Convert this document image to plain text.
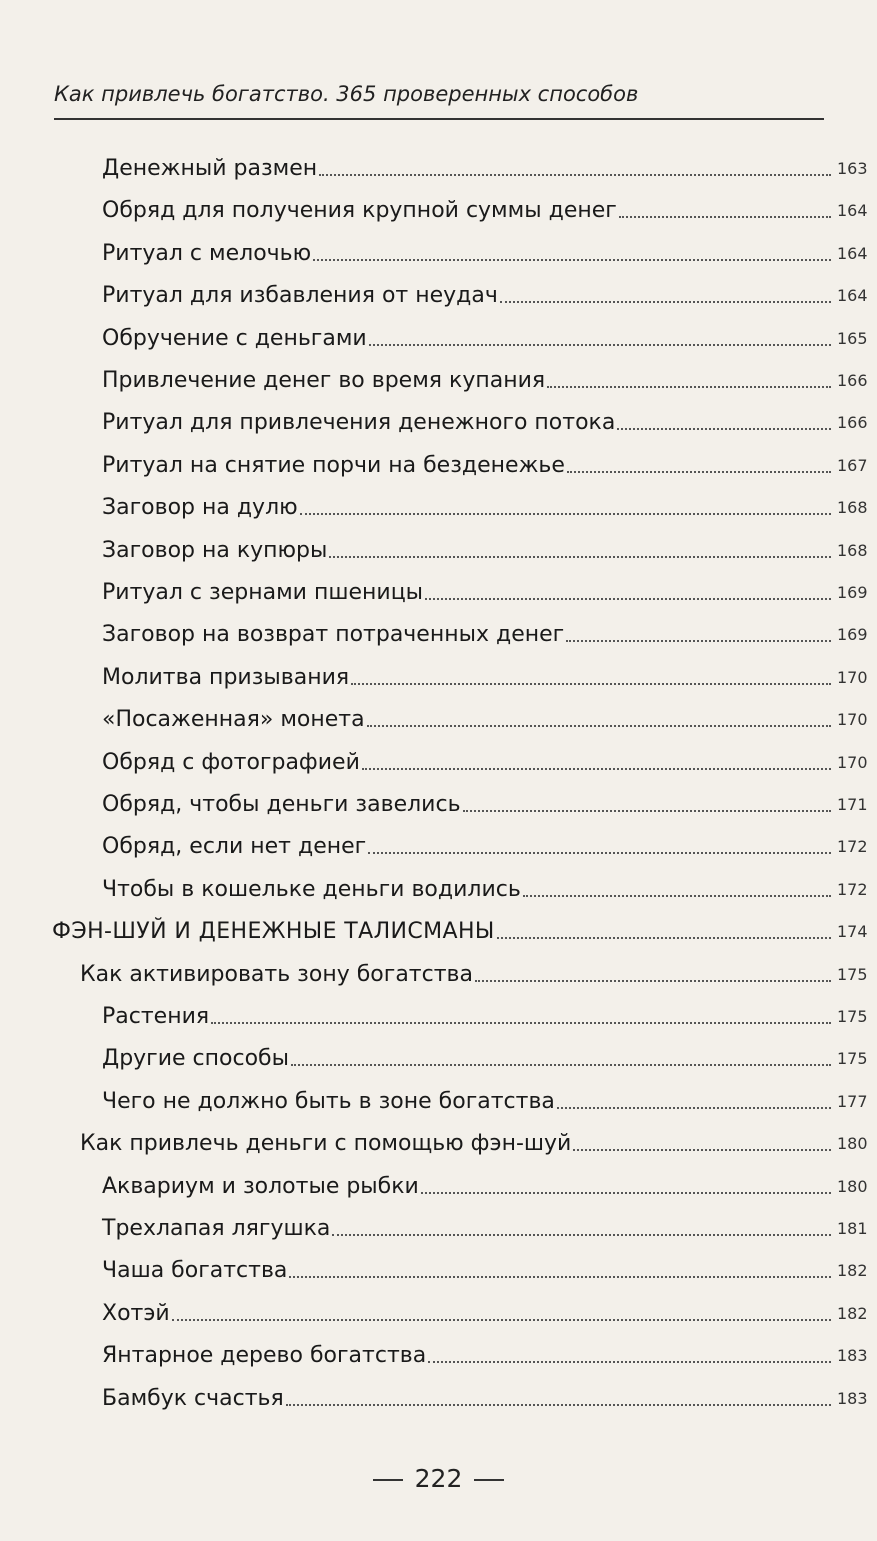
Как привлечь богатство. 365 проверенных способов
Денежный размен	163
Обряд для получения крупной суммы денег	164
Ритуал с мелочью	164
Ритуал для избавления от неудач	164
Обручение с деньгами	165
Привлечение денег во время купания	166
Ритуал для привлечения денежного потока	166
Ритуал на снятие порчи на безденежье	167
Заговор на дулю	168
Заговор на купюры	168
Ритуал с зернами пшеницы	169
Заговор на возврат потраченных денег	169
Молитва призывания	170
«Посаженная» монета	170
Обряд с фотографией	170
Обряд, чтобы деньги завелись	171
Обряд, если нет денег	172
Чтобы в кошельке деньги водились	172
ФЭН-ШУЙ И ДЕНЕЖНЫЕ ТАЛИСМАНЫ	174
Как активировать зону богатства	175
Растения	175
Другие способы	175
Чего не должно быть в зоне богатства	177
Как привлечь деньги с помощью фэн-шуй	180
Аквариум и золотые рыбки	180
Трехлапая лягушка	181
Чаша богатства	182
Хотэй	182
Янтарное дерево богатства	183
Бамбук счастья	183
222
